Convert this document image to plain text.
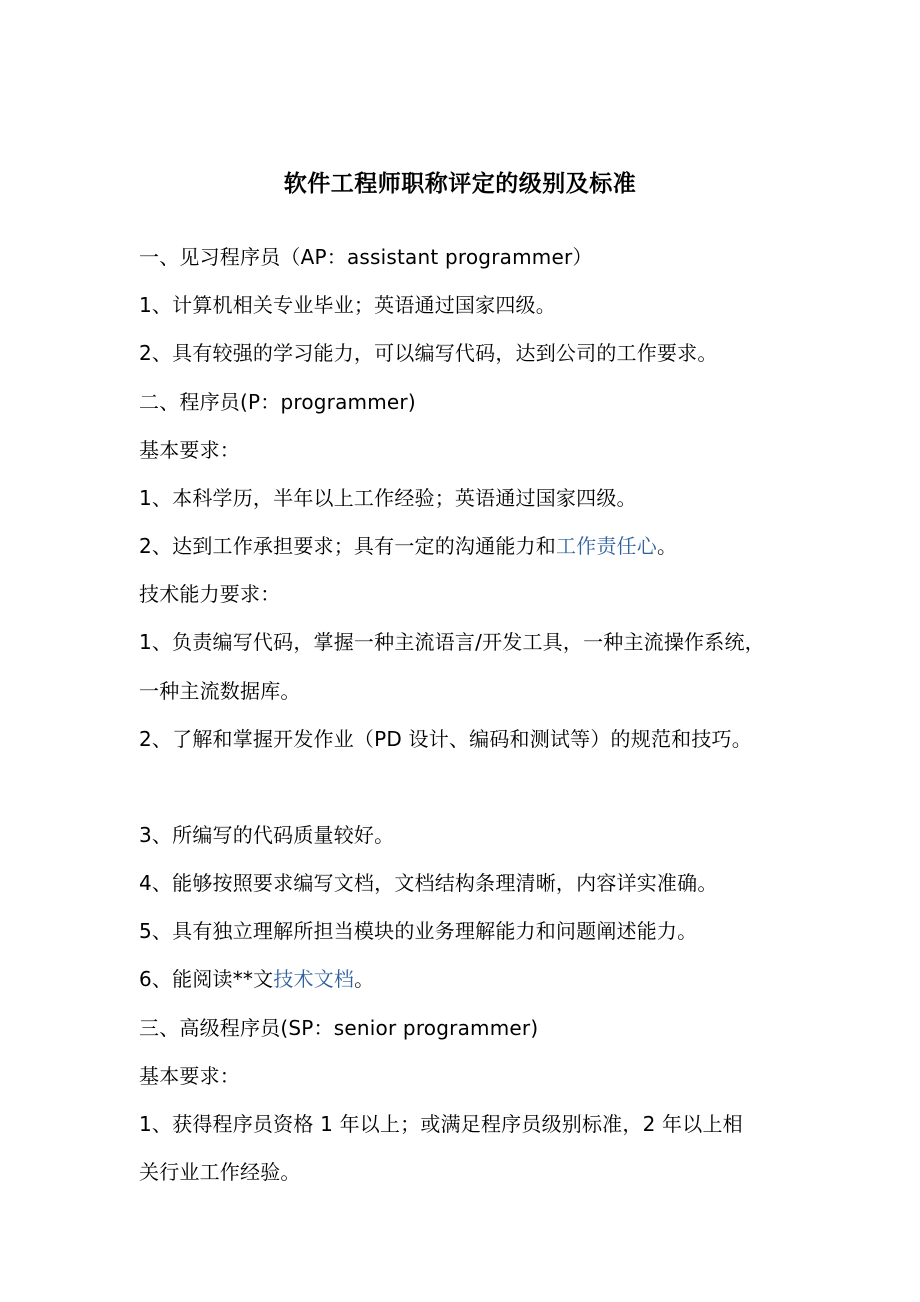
软件工程师职称评定的级别及标准
一、见习程序员（AP：assistant programmer）
1、计算机相关专业毕业；英语通过国家四级。
2、具有较强的学习能力，可以编写代码，达到公司的工作要求。
二、程序员(P：programmer)
基本要求：
1、本科学历，半年以上工作经验；英语通过国家四级。
2、达到工作承担要求；具有一定的沟通能力和工作责任心。
技术能力要求：
1、负责编写代码，掌握一种主流语言/开发工具，一种主流操作系统，
一种主流数据库。
2、了解和掌握开发作业（PD 设计、编码和测试等）的规范和技巧。
3、所编写的代码质量较好。
4、能够按照要求编写文档，文档结构条理清晰，内容详实准确。
5、具有独立理解所担当模块的业务理解能力和问题阐述能力。
6、能阅读**文技术文档。
三、高级程序员(SP：senior programmer)
基本要求：
1、获得程序员资格 1 年以上；或满足程序员级别标准，2 年以上相
关行业工作经验。
